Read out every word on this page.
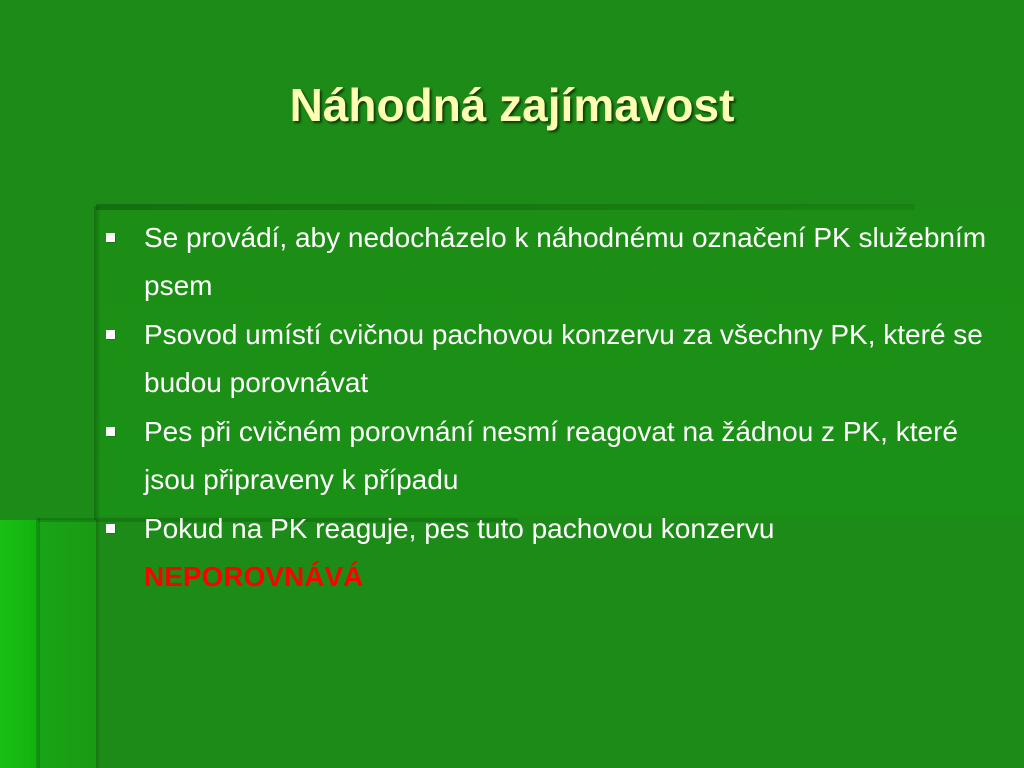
Náhodná zajímavost
Se provádí, aby nedocházelo k náhodnému označení PK služebním psem
Psovod umístí cvičnou pachovou konzervu za všechny PK, které se budou porovnávat
Pes při cvičném porovnání nesmí reagovat na žádnou z PK, které jsou připraveny k případu
Pokud na PK reaguje, pes tuto pachovou konzervu
NEPOROVNÁVÁ
